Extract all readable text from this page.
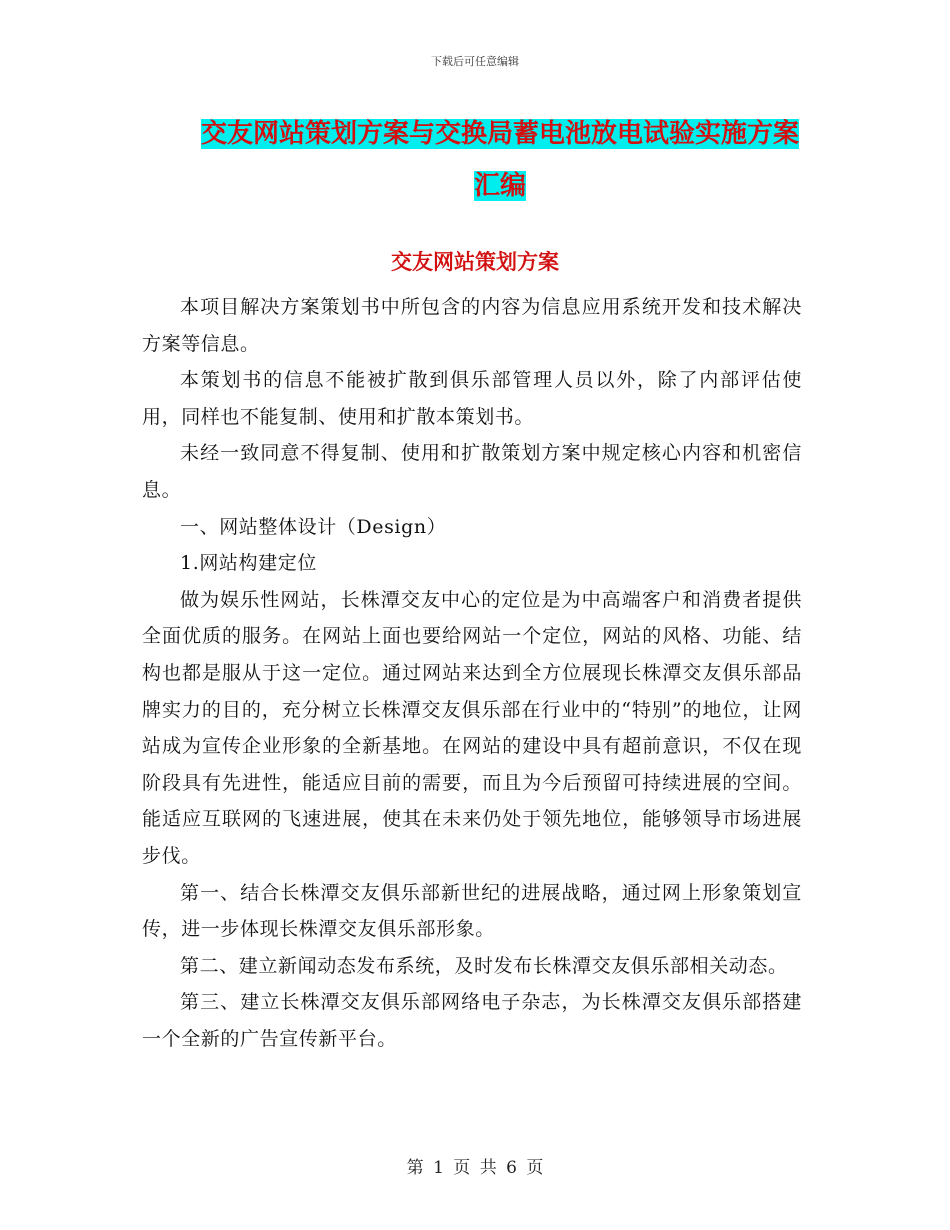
下载后可任意编辑
交友网站策划方案与交换局蓄电池放电试验实施方案汇编
交友网站策划方案

本项目解决方案策划书中所包含的内容为信息应用系统开发和技术解决方案等信息。

本策划书的信息不能被扩散到俱乐部管理人员以外，除了内部评估使用，同样也不能复制、使用和扩散本策划书。

未经一致同意不得复制、使用和扩散策划方案中规定核心内容和机密信息。

一、网站整体设计（Design）

1.网站构建定位

做为娱乐性网站，长株潭交友中心的定位是为中高端客户和消费者提供全面优质的服务。在网站上面也要给网站一个定位，网站的风格、功能、结构也都是服从于这一定位。通过网站来达到全方位展现长株潭交友俱乐部品牌实力的目的，充分树立长株潭交友俱乐部在行业中的“特别”的地位，让网站成为宣传企业形象的全新基地。在网站的建设中具有超前意识，不仅在现阶段具有先进性，能适应目前的需要，而且为今后预留可持续进展的空间。能适应互联网的飞速进展，使其在未来仍处于领先地位，能够领导市场进展步伐。

第一、结合长株潭交友俱乐部新世纪的进展战略，通过网上形象策划宣传，进一步体现长株潭交友俱乐部形象。

第二、建立新闻动态发布系统，及时发布长株潭交友俱乐部相关动态。

第三、建立长株潭交友俱乐部网络电子杂志，为长株潭交友俱乐部搭建一个全新的广告宣传新平台。

第 1 页 共 6 页
